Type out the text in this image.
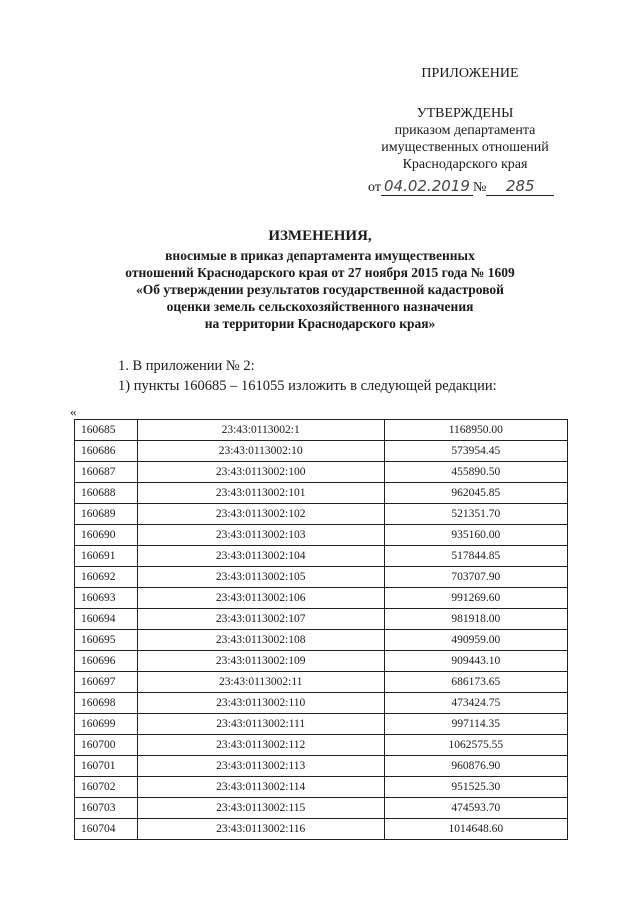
ПРИЛОЖЕНИЕ
УТВЕРЖДЕНЫ
приказом департамента
имущественных отношений
Краснодарского края
от 04.02.2019 № 285
ИЗМЕНЕНИЯ,
вносимые в приказ департамента имущественных
отношений Краснодарского края от 27 ноября 2015 года № 1609
«Об утверждении результатов государственной кадастровой
оценки земель сельскохозяйственного назначения
на территории Краснодарского края»
1. В приложении № 2:
1) пункты 160685 – 161055 изложить в следующей редакции:
«
160685	23:43:0113002:1	1168950.00
160686	23:43:0113002:10	573954.45
160687	23:43:0113002:100	455890.50
160688	23:43:0113002:101	962045.85
160689	23:43:0113002:102	521351.70
160690	23:43:0113002:103	935160.00
160691	23:43:0113002:104	517844.85
160692	23:43:0113002:105	703707.90
160693	23:43:0113002:106	991269.60
160694	23:43:0113002:107	981918.00
160695	23:43:0113002:108	490959.00
160696	23:43:0113002:109	909443.10
160697	23:43:0113002:11	686173.65
160698	23:43:0113002:110	473424.75
160699	23:43:0113002:111	997114.35
160700	23:43:0113002:112	1062575.55
160701	23:43:0113002:113	960876.90
160702	23:43:0113002:114	951525.30
160703	23:43:0113002:115	474593.70
160704	23:43:0113002:116	1014648.60
